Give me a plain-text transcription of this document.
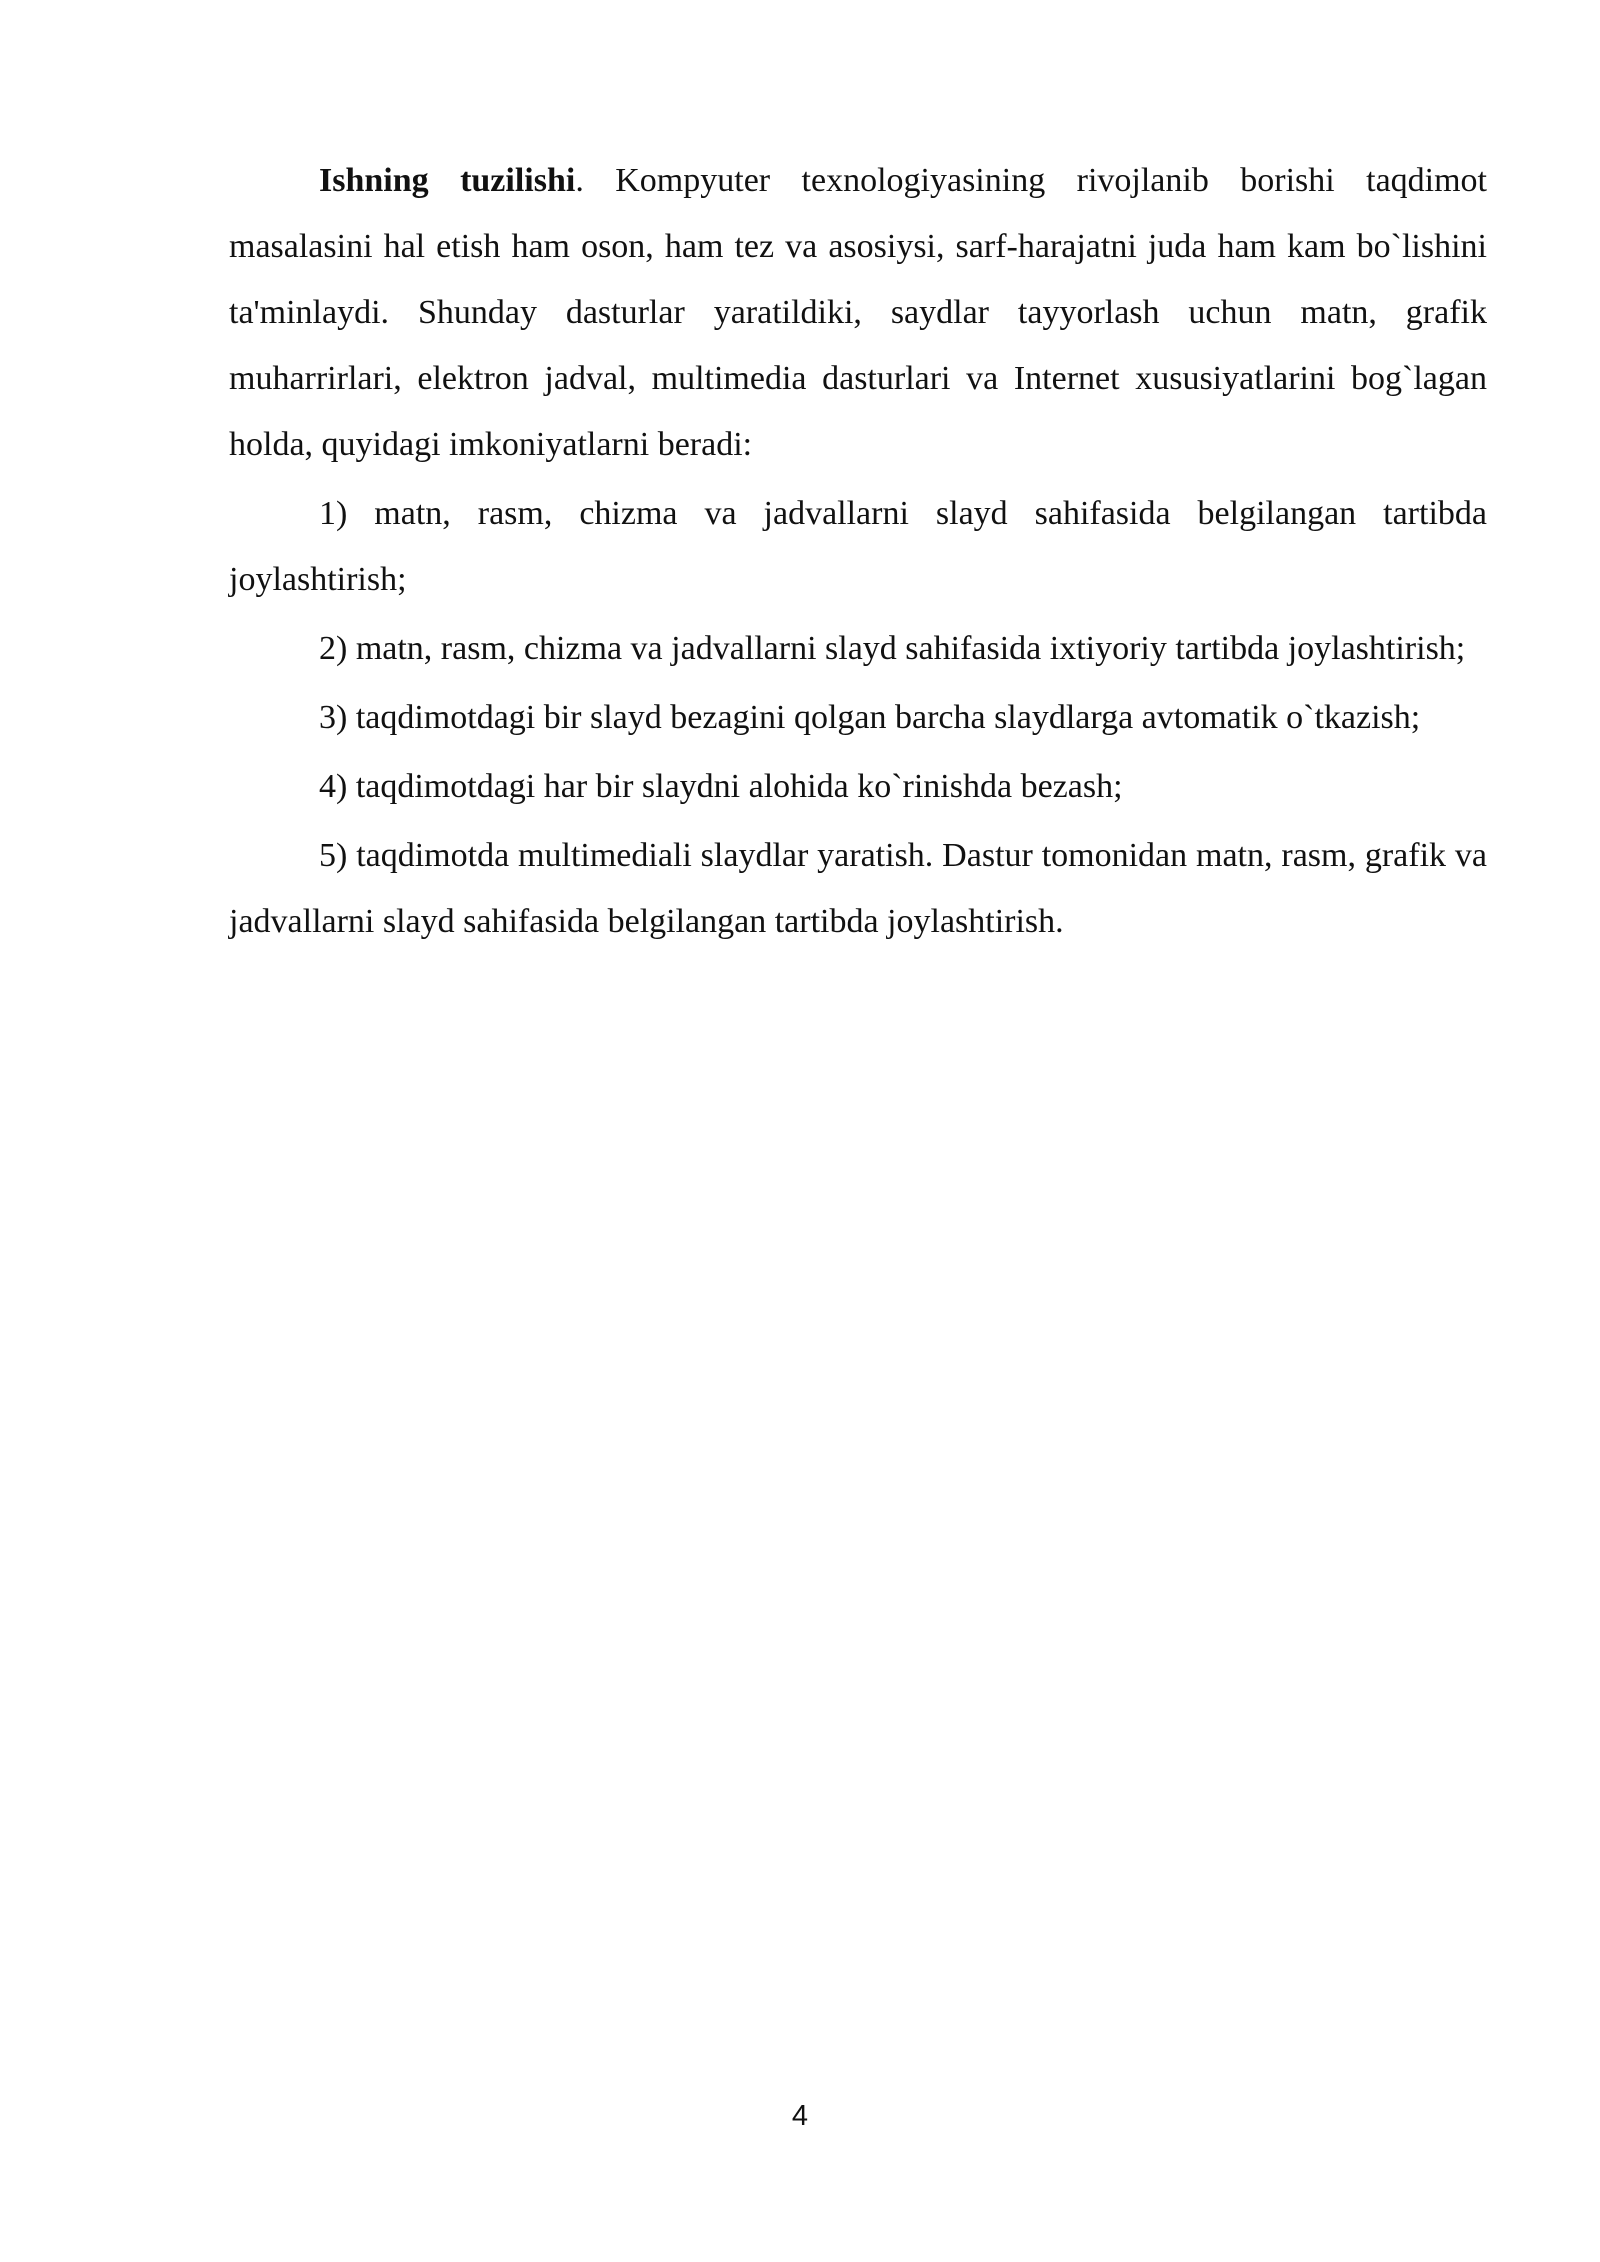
Ishning tuzilishi. Kompyuter texnologiyasining rivojlanib borishi taqdimot masalasini hal etish ham oson, ham tez va asosiysi, sarf-harajatni juda ham kam bo`lishini ta'minlaydi. Shunday dasturlar yaratildiki, saydlar tayyorlash uchun matn, grafik muharrirlari, elektron jadval, multimedia dasturlari va Internet xususiyatlarini bog`lagan holda, quyidagi imkoniyatlarni beradi:

1) matn, rasm, chizma va jadvallarni slayd sahifasida belgilangan tartibda joylashtirish;

2) matn, rasm, chizma va jadvallarni slayd sahifasida ixtiyoriy tartibda joylashtirish;

3) taqdimotdagi bir slayd bezagini qolgan barcha slaydlarga avtomatik o`tkazish;

4) taqdimotdagi har bir slaydni alohida ko`rinishda bezash;

5) taqdimotda multimediali slaydlar yaratish. Dastur tomonidan matn, rasm, grafik va jadvallarni slayd sahifasida belgilangan tartibda joylashtirish.

4
